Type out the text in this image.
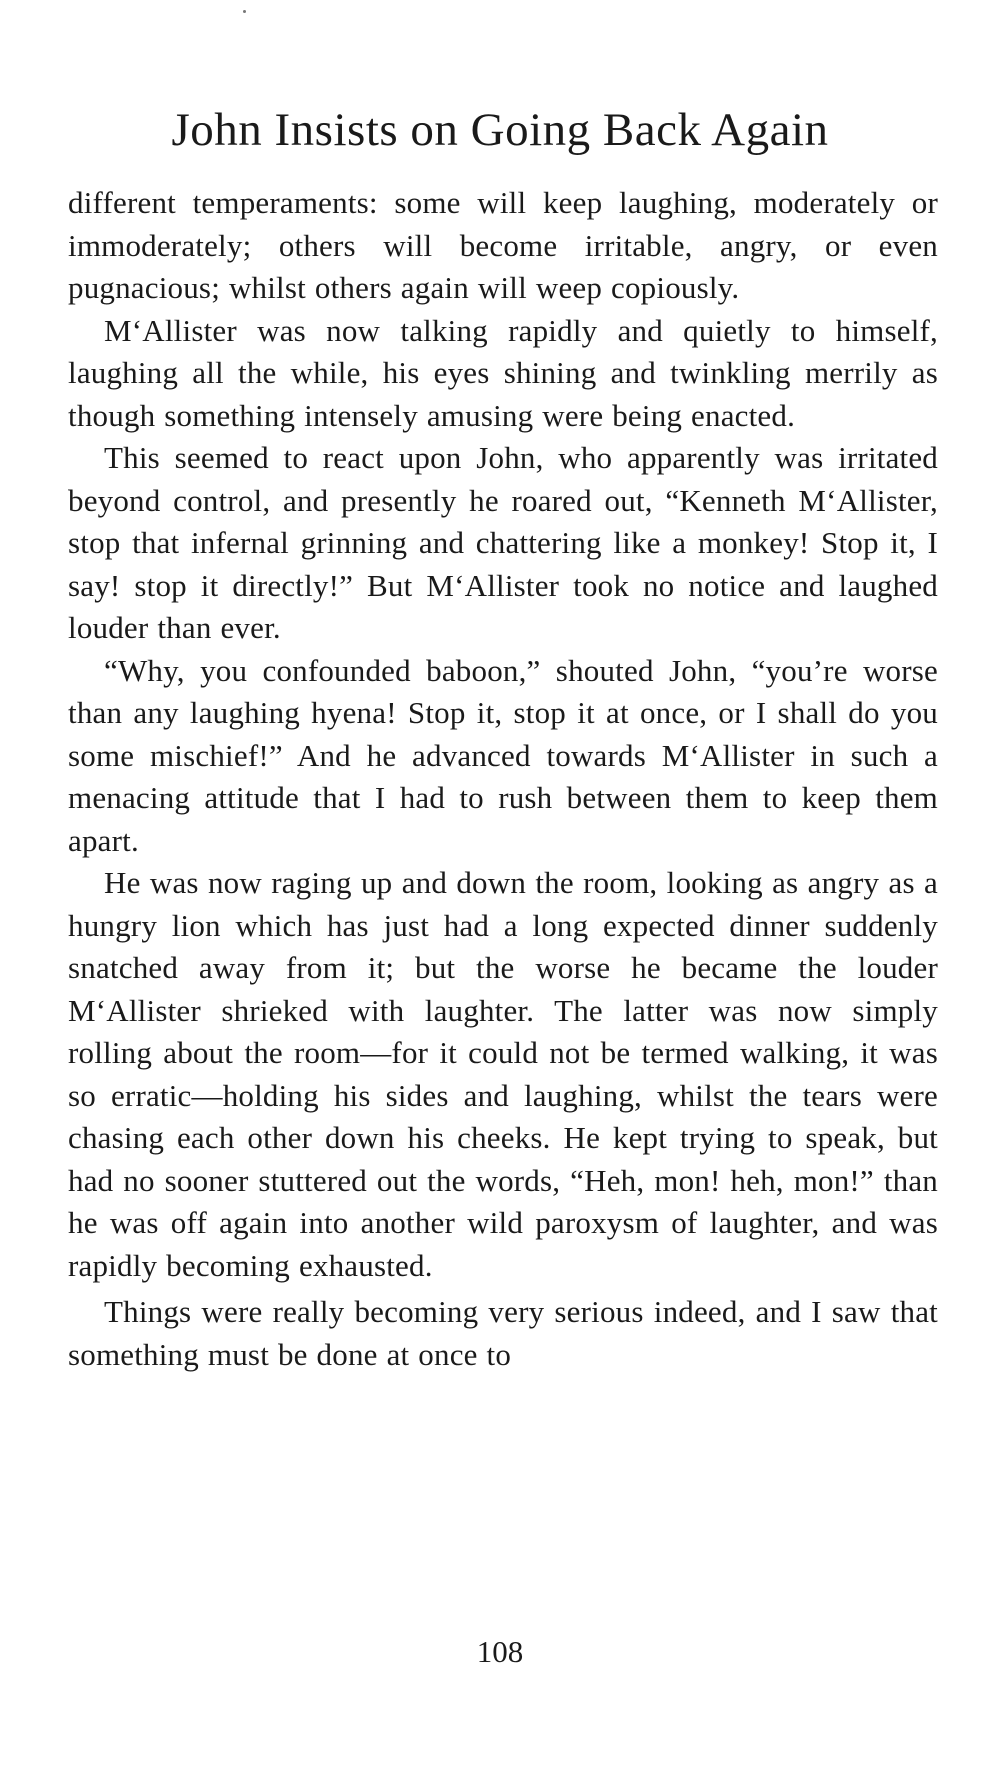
John Insists on Going Back Again

different temperaments: some will keep laughing, moderately or immoderately; others will become irritable, angry, or even pugnacious; whilst others again will weep copiously.

M‘Allister was now talking rapidly and quietly to himself, laughing all the while, his eyes shining and twinkling merrily as though something intensely amusing were being enacted.

This seemed to react upon John, who apparently was irritated beyond control, and presently he roared out, “Kenneth M‘Allister, stop that infernal grinning and chattering like a monkey! Stop it, I say! stop it directly!” But M‘Allister took no notice and laughed louder than ever.

“Why, you confounded baboon,” shouted John, “you’re worse than any laughing hyena! Stop it, stop it at once, or I shall do you some mischief!” And he advanced towards M‘Allister in such a menacing attitude that I had to rush between them to keep them apart.

He was now raging up and down the room, looking as angry as a hungry lion which has just had a long expected dinner suddenly snatched away from it; but the worse he became the louder M‘Allister shrieked with laughter. The latter was now simply rolling about the room—for it could not be termed walking, it was so erratic—holding his sides and laughing, whilst the tears were chasing each other down his cheeks. He kept trying to speak, but had no sooner stuttered out the words, “Heh, mon! heh, mon!” than he was off again into another wild paroxysm of laughter, and was rapidly becoming exhausted.

Things were really becoming very serious indeed, and I saw that something must be done at once to

108
